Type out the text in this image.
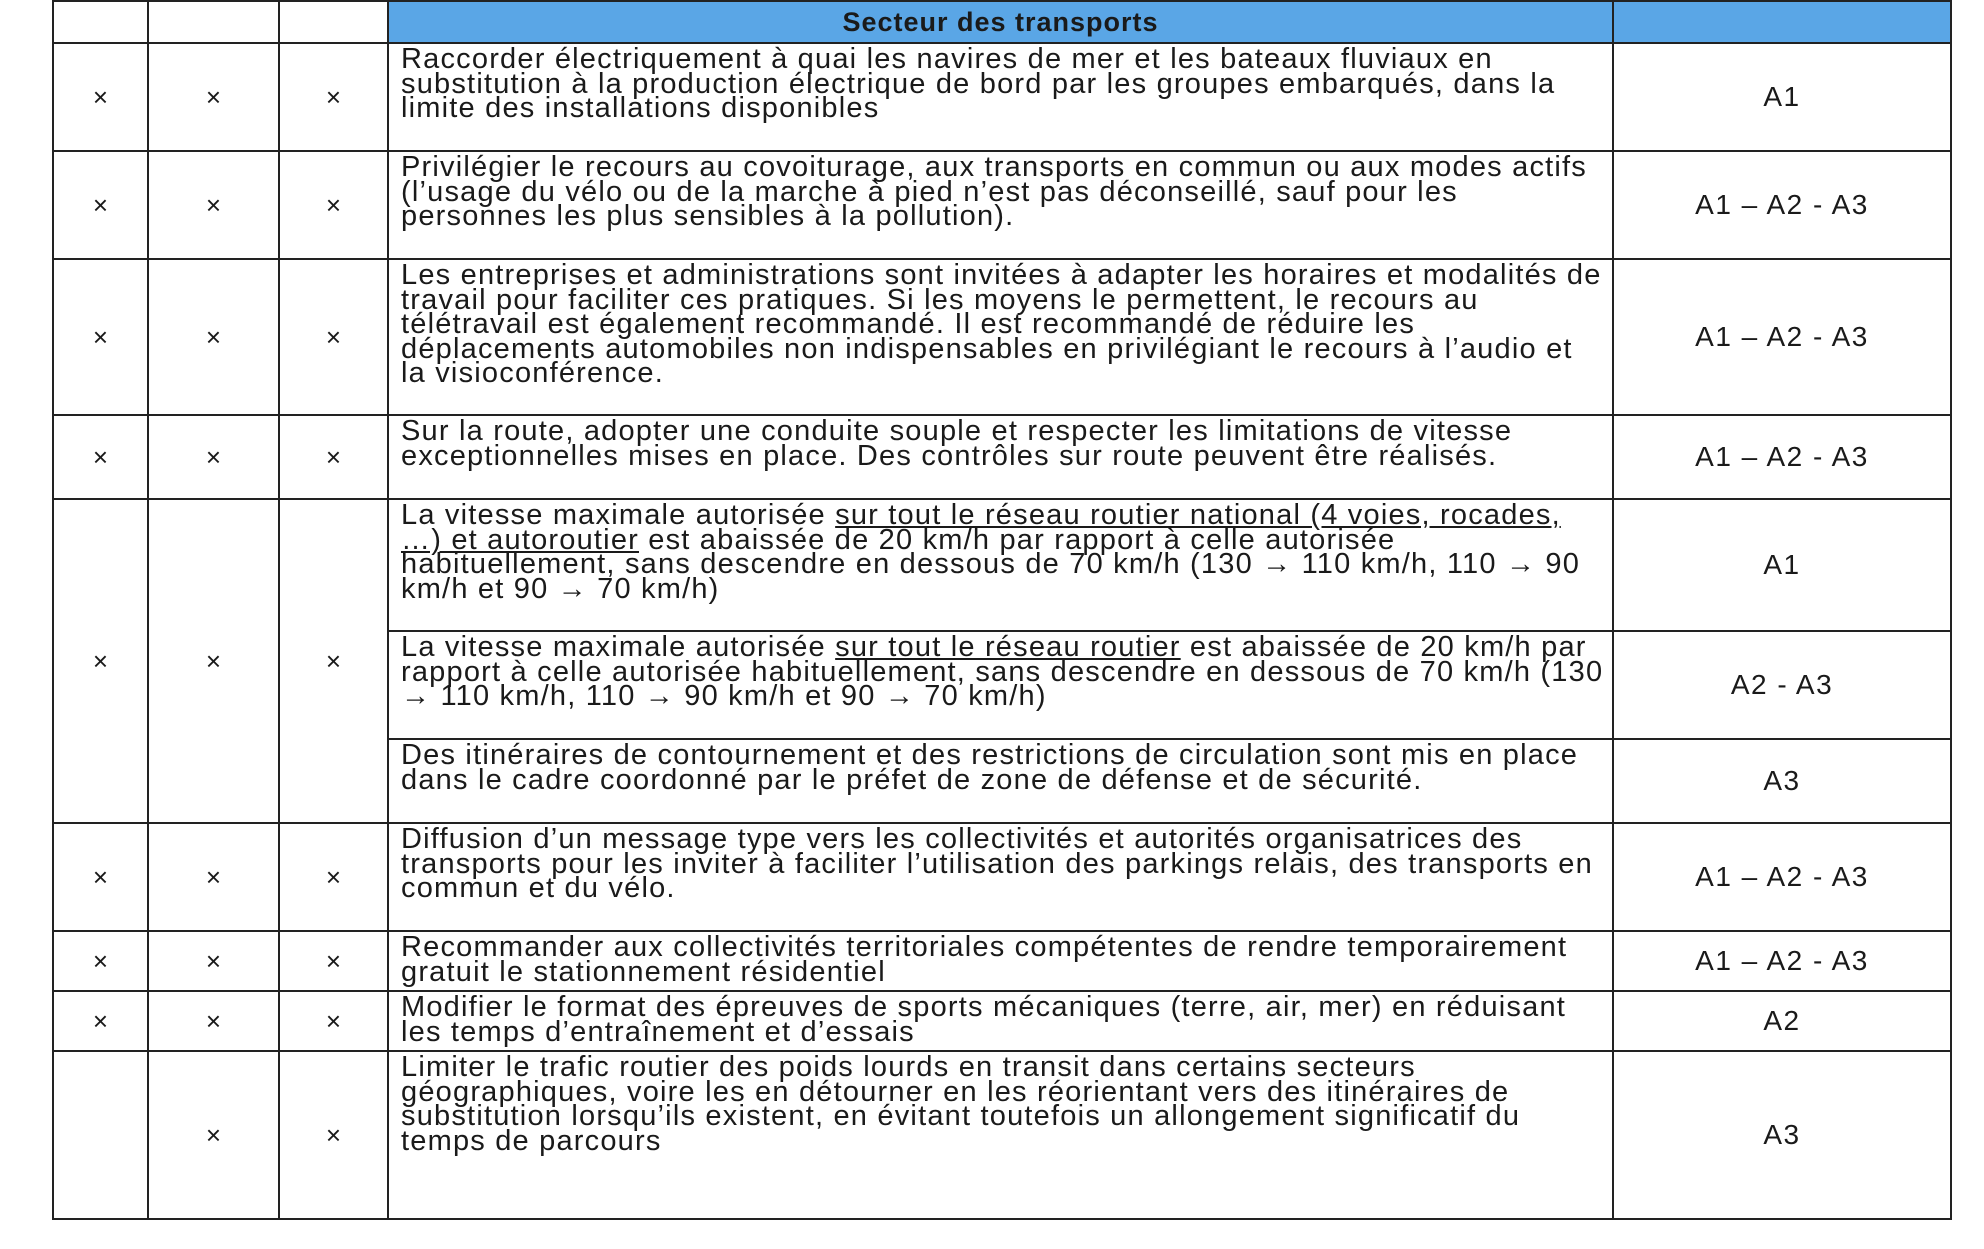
			Secteur des transports	
×	×	×	Raccorder électriquement à quai les navires de mer et les bateaux fluviaux en substitution à la production électrique de bord par les groupes embarqués, dans la limite des installations disponibles	A1
×	×	×	Privilégier le recours au covoiturage, aux transports en commun ou aux modes actifs (l’usage du vélo ou de la marche à pied n’est pas déconseillé, sauf pour les personnes les plus sensibles à la pollution).	A1 – A2 - A3
×	×	×	Les entreprises et administrations sont invitées à adapter les horaires et modalités de travail pour faciliter ces pratiques. Si les moyens le permettent, le recours au télétravail est également recommandé. Il est recommandé de réduire les déplacements automobiles non indispensables en privilégiant le recours à l’audio et la visioconférence.	A1 – A2 - A3
×	×	×	Sur la route, adopter une conduite souple et respecter les limitations de vitesse exceptionnelles mises en place. Des contrôles sur route peuvent être réalisés.	A1 – A2 - A3
×	×	×	La vitesse maximale autorisée sur tout le réseau routier national (4 voies, rocades, …) et autoroutier est abaissée de 20 km/h par rapport à celle autorisée habituellement, sans descendre en dessous de 70 km/h (130 → 110 km/h, 110 → 90 km/h et 90 → 70 km/h)	A1
			La vitesse maximale autorisée sur tout le réseau routier est abaissée de 20 km/h par rapport à celle autorisée habituellement, sans descendre en dessous de 70 km/h (130 → 110 km/h, 110 → 90 km/h et 90 → 70 km/h)	A2 - A3
			Des itinéraires de contournement et des restrictions de circulation sont mis en place dans le cadre coordonné par le préfet de zone de défense et de sécurité.	A3
×	×	×	Diffusion d’un message type vers les collectivités et autorités organisatrices des transports pour les inviter à faciliter l’utilisation des parkings relais, des transports en commun et du vélo.	A1 – A2 - A3
×	×	×	Recommander aux collectivités territoriales compétentes de rendre temporairement gratuit le stationnement résidentiel	A1 – A2 - A3
×	×	×	Modifier le format des épreuves de sports mécaniques (terre, air, mer) en réduisant les temps d’entraînement et d’essais	A2
	×	×	Limiter le trafic routier des poids lourds en transit dans certains secteurs géographiques, voire les en détourner en les réorientant vers des itinéraires de substitution lorsqu’ils existent, en évitant toutefois un allongement significatif du temps de parcours	A3
